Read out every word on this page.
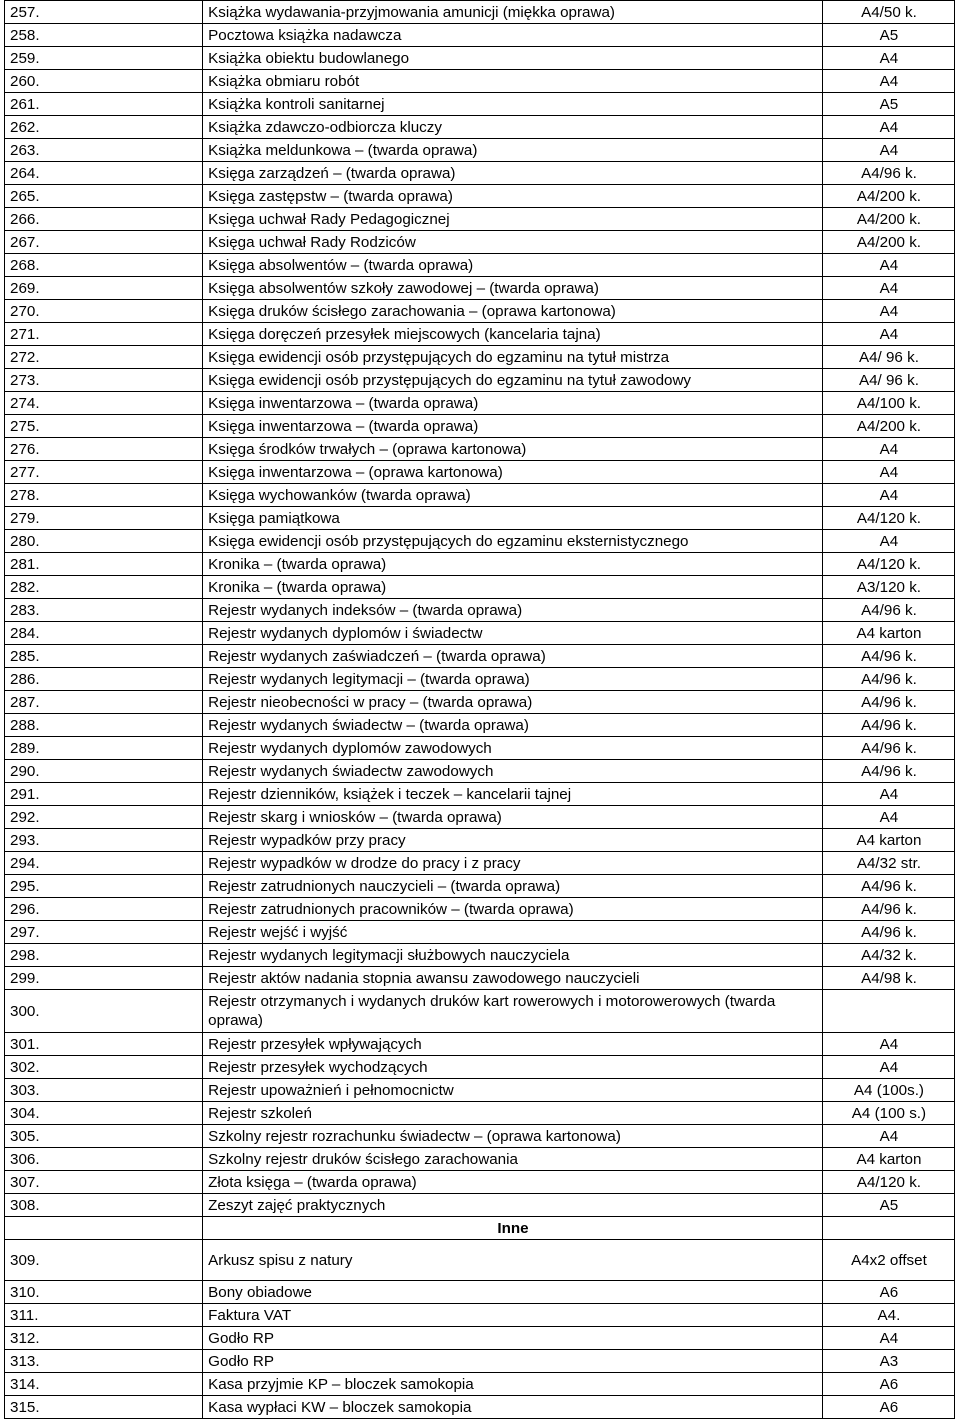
257.	Książka wydawania-przyjmowania amunicji (miękka oprawa)	A4/50 k.
258.	Pocztowa książka nadawcza	A5
259.	Książka obiektu budowlanego	A4
260.	Książka obmiaru robót	A4
261.	Książka kontroli sanitarnej	A5
262.	Książka zdawczo-odbiorcza kluczy	A4
263.	Książka meldunkowa – (twarda oprawa)	A4
264.	Księga zarządzeń – (twarda oprawa)	A4/96 k.
265.	Księga zastępstw – (twarda oprawa)	A4/200 k.
266.	Księga uchwał Rady Pedagogicznej	A4/200 k.
267.	Księga uchwał Rady Rodziców	A4/200 k.
268.	Księga absolwentów – (twarda oprawa)	A4
269.	Księga absolwentów szkoły zawodowej – (twarda oprawa)	A4
270.	Księga druków ścisłego zarachowania – (oprawa kartonowa)	A4
271.	Księga doręczeń przesyłek miejscowych (kancelaria tajna)	A4
272.	Księga ewidencji osób przystępujących do egzaminu na tytuł mistrza	A4/ 96 k.
273.	Księga ewidencji osób przystępujących do egzaminu na tytuł zawodowy	A4/ 96 k.
274.	Księga inwentarzowa – (twarda oprawa)	A4/100 k.
275.	Księga inwentarzowa – (twarda oprawa)	A4/200 k.
276.	Księga środków trwałych – (oprawa kartonowa)	A4
277.	Księga inwentarzowa – (oprawa kartonowa)	A4
278.	Księga wychowanków (twarda oprawa)	A4
279.	Księga pamiątkowa	A4/120 k.
280.	Księga ewidencji osób przystępujących do egzaminu eksternistycznego	A4
281.	Kronika – (twarda oprawa)	A4/120 k.
282.	Kronika – (twarda oprawa)	A3/120 k.
283.	Rejestr wydanych indeksów – (twarda oprawa)	A4/96 k.
284.	Rejestr wydanych dyplomów i świadectw	A4 karton
285.	Rejestr wydanych zaświadczeń – (twarda oprawa)	A4/96 k.
286.	Rejestr wydanych legitymacji – (twarda oprawa)	A4/96 k.
287.	Rejestr nieobecności w pracy – (twarda oprawa)	A4/96 k.
288.	Rejestr wydanych świadectw – (twarda oprawa)	A4/96 k.
289.	Rejestr wydanych dyplomów zawodowych	A4/96 k.
290.	Rejestr wydanych świadectw zawodowych	A4/96 k.
291.	Rejestr dzienników, książek i teczek – kancelarii tajnej	A4
292.	Rejestr skarg i wniosków – (twarda oprawa)	A4
293.	Rejestr wypadków przy pracy	A4 karton
294.	Rejestr wypadków w drodze do pracy i z pracy	A4/32 str.
295.	Rejestr zatrudnionych nauczycieli – (twarda oprawa)	A4/96 k.
296.	Rejestr zatrudnionych pracowników – (twarda oprawa)	A4/96 k.
297.	Rejestr wejść i wyjść	A4/96 k.
298.	Rejestr wydanych legitymacji służbowych nauczyciela	A4/32 k.
299.	Rejestr aktów nadania stopnia awansu zawodowego nauczycieli	A4/98 k.
300.	Rejestr otrzymanych i wydanych druków kart rowerowych i motorowerowych (twarda oprawa)	
301.	Rejestr przesyłek wpływających	A4
302.	Rejestr przesyłek wychodzących	A4
303.	Rejestr upoważnień i pełnomocnictw	A4 (100s.)
304.	Rejestr szkoleń	A4 (100 s.)
305.	Szkolny rejestr rozrachunku świadectw – (oprawa kartonowa)	A4
306.	Szkolny rejestr druków ścisłego zarachowania	A4 karton
307.	Złota księga – (twarda oprawa)	A4/120 k.
308.	Zeszyt zajęć praktycznych	A5
	Inne	
309.	Arkusz spisu z natury	A4x2 offset
310.	Bony obiadowe	A6
311.	Faktura VAT	A4.
312.	Godło RP	A4
313.	Godło RP	A3
314.	Kasa przyjmie KP – bloczek samokopia	A6
315.	Kasa wypłaci KW – bloczek samokopia	A6
